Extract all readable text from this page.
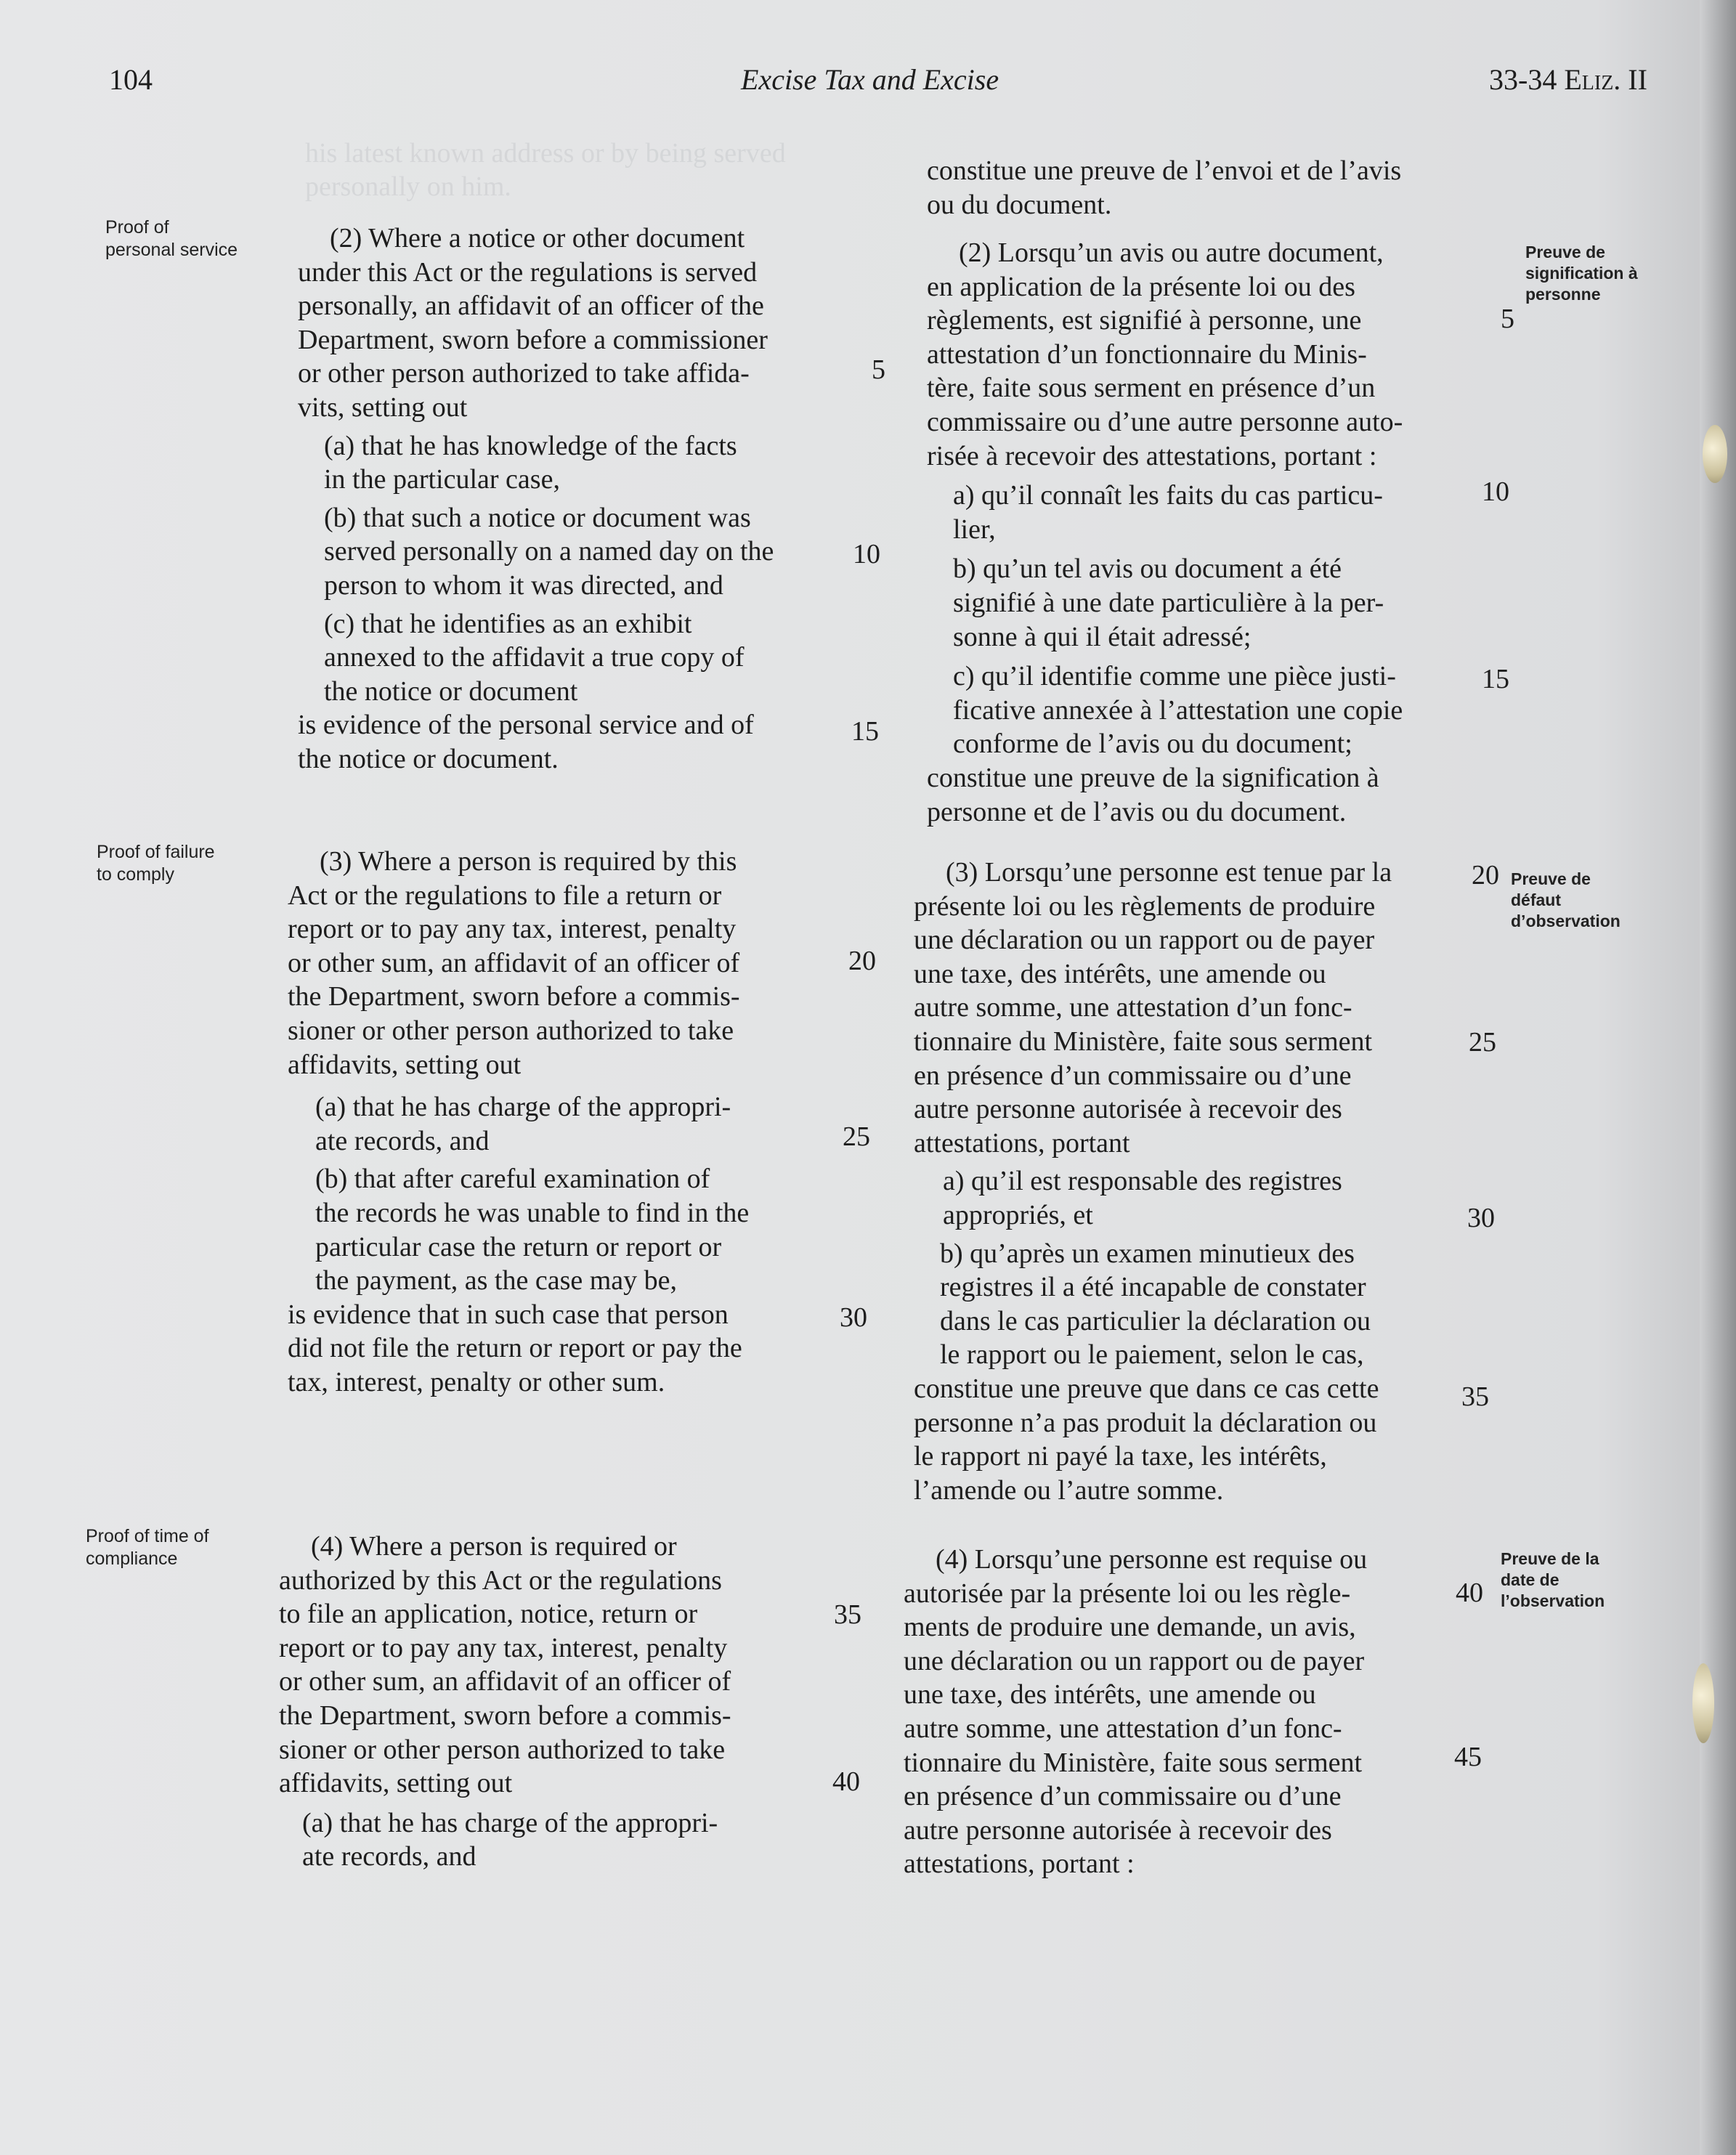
his latest known address or by being served
personally on him.
104	Excise Tax and Excise	33-34 Eliz. II
Proof of
personal service
Proof of failure
to comply
Proof of time of
compliance

(2) Where a notice or other document

under this Act or the regulations is served

personally, an affidavit of an officer of the

Department, sworn before a commissioner

or other person authorized to take affida-

vits, setting out

(a) that he has knowledge of the facts

in the particular case,

(b) that such a notice or document was

served personally on a named day on the

person to whom it was directed, and

(c) that he identifies as an exhibit

annexed to the affidavit a true copy of

the notice or document

is evidence of the personal service and of

the notice or document.

(3) Where a person is required by this

Act or the regulations to file a return or

report or to pay any tax, interest, penalty

or other sum, an affidavit of an officer of

the Department, sworn before a commis-

sioner or other person authorized to take

affidavits, setting out

(a) that he has charge of the appropri-

ate records, and

(b) that after careful examination of

the records he was unable to find in the

particular case the return or report or

the payment, as the case may be,

is evidence that in such case that person

did not file the return or report or pay the

tax, interest, penalty or other sum.

(4) Where a person is required or

authorized by this Act or the regulations

to file an application, notice, return or

report or to pay any tax, interest, penalty

or other sum, an affidavit of an officer of

the Department, sworn before a commis-

sioner or other person authorized to take

affidavits, setting out

(a) that he has charge of the appropri-

ate records, and

5
10
15
20
25
30
35
40

constitue une preuve de l’envoi et de l’avis

ou du document.

(2) Lorsqu’un avis ou autre document,

en application de la présente loi ou des

règlements, est signifié à personne, une

attestation d’un fonctionnaire du Minis-

tère, faite sous serment en présence d’un

commissaire ou d’une autre personne auto-

risée à recevoir des attestations, portant :

a) qu’il connaît les faits du cas particu-

lier,

b) qu’un tel avis ou document a été

signifié à une date particulière à la per-

sonne à qui il était adressé;

c) qu’il identifie comme une pièce justi-

ficative annexée à l’attestation une copie

conforme de l’avis ou du document;

constitue une preuve de la signification à

personne et de l’avis ou du document.

(3) Lorsqu’une personne est tenue par la

présente loi ou les règlements de produire

une déclaration ou un rapport ou de payer

une taxe, des intérêts, une amende ou

autre somme, une attestation d’un fonc-

tionnaire du Ministère, faite sous serment

en présence d’un commissaire ou d’une

autre personne autorisée à recevoir des

attestations, portant

a) qu’il est responsable des registres

appropriés, et

b) qu’après un examen minutieux des

registres il a été incapable de constater

dans le cas particulier la déclaration ou

le rapport ou le paiement, selon le cas,

constitue une preuve que dans ce cas cette

personne n’a pas produit la déclaration ou

le rapport ni payé la taxe, les intérêts,

l’amende ou l’autre somme.

(4) Lorsqu’une personne est requise ou

autorisée par la présente loi ou les règle-

ments de produire une demande, un avis,

une déclaration ou un rapport ou de payer

une taxe, des intérêts, une amende ou

autre somme, une attestation d’un fonc-

tionnaire du Ministère, faite sous serment

en présence d’un commissaire ou d’une

autre personne autorisée à recevoir des

attestations, portant :

5
10
15
20
25
30
35
40
45
Preuve de
signification à
personne
Preuve de
défaut
d’observation
Preuve de la
date de
l’observation
